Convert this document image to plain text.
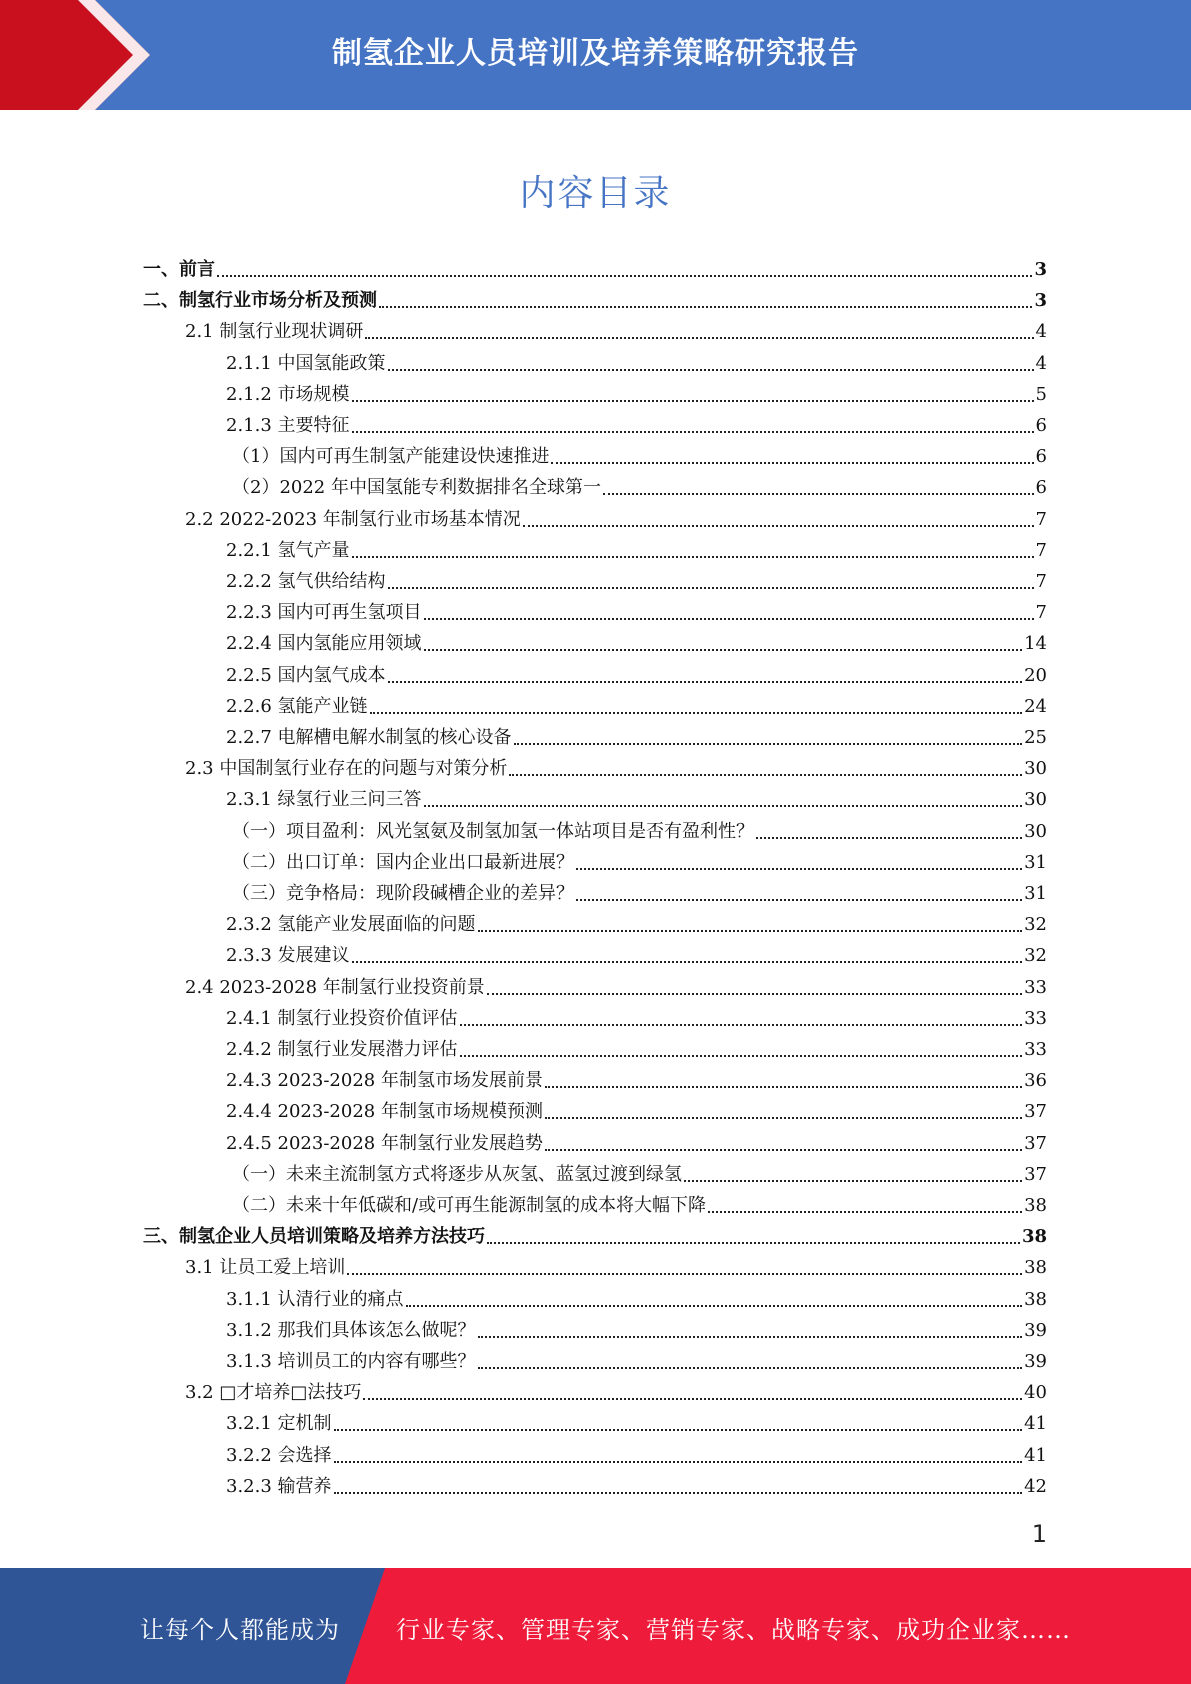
制氢企业人员培训及培养策略研究报告
内容目录
一、前言	3
二、制氢行业市场分析及预测	3
2.1 制氢行业现状调研	4
2.1.1 中国氢能政策	4
2.1.2 市场规模	5
2.1.3 主要特征	6
（1）国内可再生制氢产能建设快速推进	6
（2）2022 年中国氢能专利数据排名全球第一	6
2.2 2022-2023 年制氢行业市场基本情况	7
2.2.1 氢气产量	7
2.2.2 氢气供给结构	7
2.2.3 国内可再生氢项目	7
2.2.4 国内氢能应用领域	14
2.2.5 国内氢气成本	20
2.2.6 氢能产业链	24
2.2.7 电解槽电解水制氢的核心设备	25
2.3 中国制氢行业存在的问题与对策分析	30
2.3.1 绿氢行业三问三答	30
（一）项目盈利：风光氢氨及制氢加氢一体站项目是否有盈利性？	30
（二）出口订单：国内企业出口最新进展？	31
（三）竞争格局：现阶段碱槽企业的差异？	31
2.3.2 氢能产业发展面临的问题	32
2.3.3 发展建议	32
2.4 2023-2028 年制氢行业投资前景	33
2.4.1 制氢行业投资价值评估	33
2.4.2 制氢行业发展潜力评估	33
2.4.3 2023-2028 年制氢市场发展前景	36
2.4.4 2023-2028 年制氢市场规模预测	37
2.4.5 2023-2028 年制氢行业发展趋势	37
（一）未来主流制氢方式将逐步从灰氢、蓝氢过渡到绿氢	37
（二）未来十年低碳和/或可再生能源制氢的成本将大幅下降	38
三、制氢企业人员培训策略及培养方法技巧	38
3.1 让员工爱上培训	38
3.1.1 认清行业的痛点	38
3.1.2 那我们具体该怎么做呢？	39
3.1.3 培训员工的内容有哪些？	39
3.2 □才培养□法技巧	40
3.2.1 定机制	41
3.2.2 会选择	41
3.2.3 输营养	42
1
让每个人都能成为 行业专家、管理专家、营销专家、战略专家、成功企业家……
